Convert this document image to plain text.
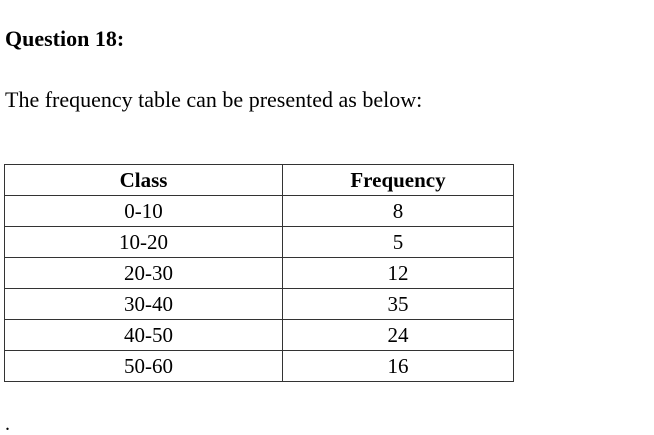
Question 18:

The frequency table can be presented as below:

Class	Frequency
0-10	8
10-20	5
20-30	12
30-40	35
40-50	24
50-60	16
.
